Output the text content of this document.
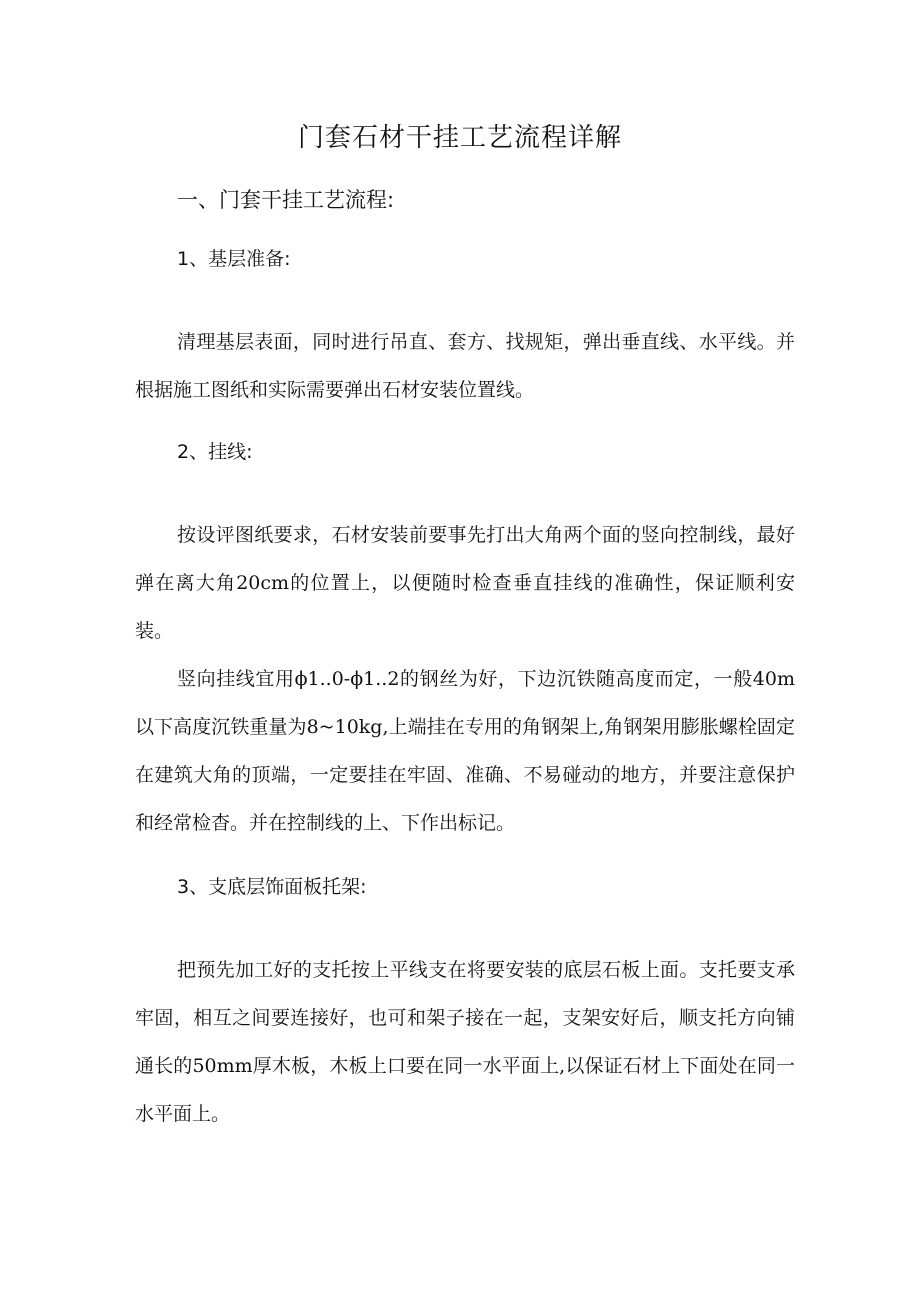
门套石材干挂工艺流程详解
一、门套干挂工艺流程:
1、基层准备:

清理基层表面，同时进行吊直、套方、找规矩，弹出垂直线、水平线。并根据施工图纸和实际需要弹出石材安装位置线。

2、挂线:

按设评图纸要求，石材安装前要事先打出大角两个面的竖向控制线，最好弹在离大角20cm的位置上，以便随时检查垂直挂线的准确性，保证顺利安装。

竖向挂线宜用ϕ1..0-ϕ1..2的钢丝为好，下边沉铁随高度而定，一般40m以下高度沉铁重量为8~10kg,上端挂在专用的角钢架上,角钢架用膨胀螺栓固定在建筑大角的顶端，一定要挂在牢固、准确、不易碰动的地方，并要注意保护和经常检杳。并在控制线的上、下作出标记。

3、支底层饰面板托架:

把预先加工好的支托按上平线支在将要安装的底层石板上面。支托要支承牢固，相互之间要连接好，也可和架子接在一起，支架安好后，顺支托方向铺通长的50mm厚木板，木板上口要在同一水平面上,以保证石材上下面处在同一水平面上。
